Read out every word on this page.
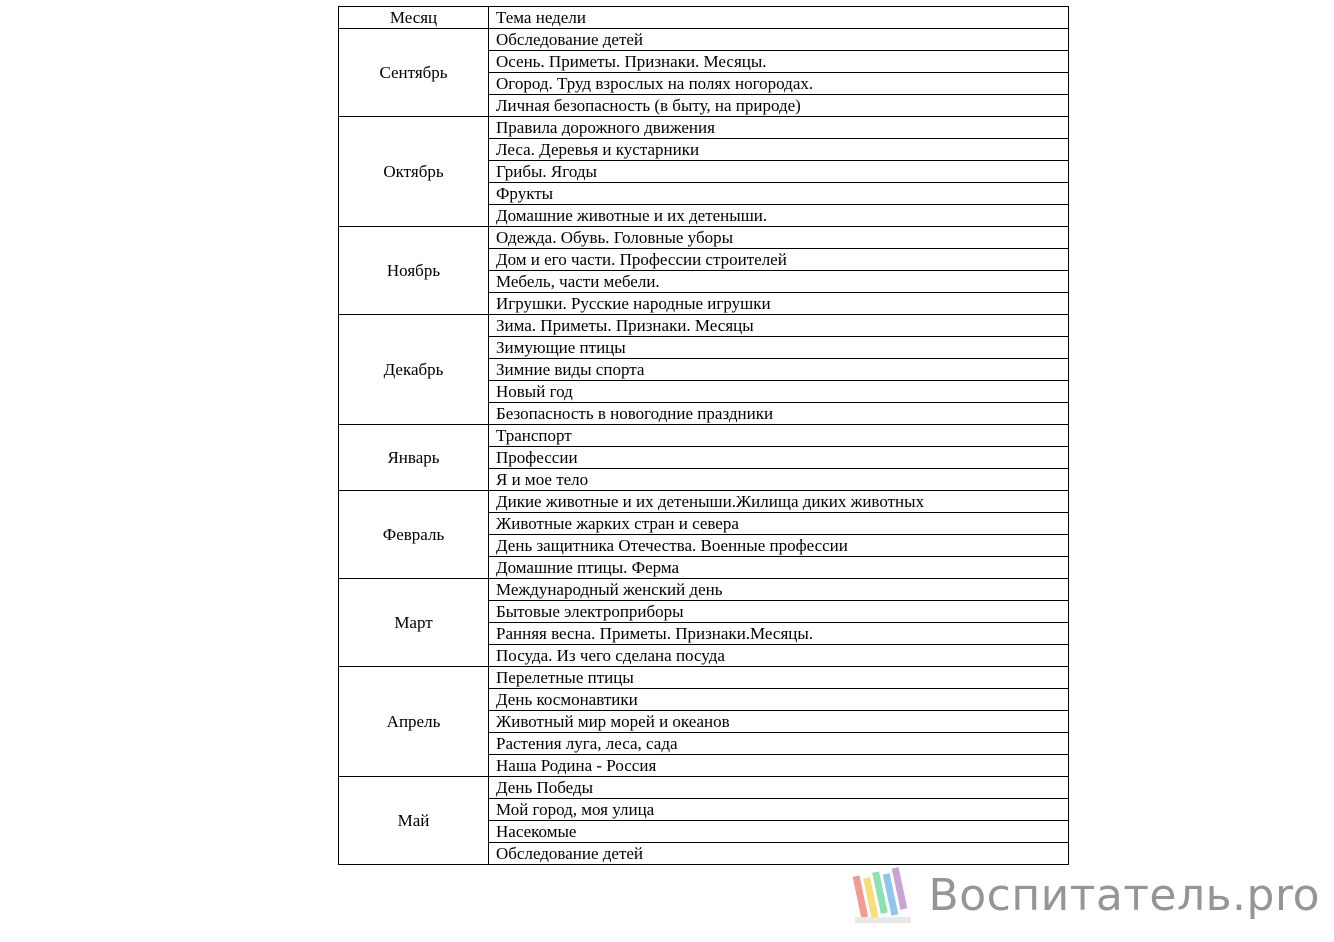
Месяц	Тема недели
Сентябрь	Обследование детей
	Осень. Приметы. Признаки. Месяцы.
	Огород. Труд взрослых на полях ногородах.
	Личная безопасность (в быту, на природе)
Октябрь	Правила дорожного движения
	Леса. Деревья и кустарники
	Грибы. Ягоды
	Фрукты
	Домашние животные и их детеныши.
Ноябрь	Одежда. Обувь. Головные уборы
	Дом и его части. Профессии строителей
	Мебель, части мебели.
	Игрушки. Русские народные игрушки
Декабрь	Зима. Приметы. Признаки. Месяцы
	Зимующие птицы
	Зимние виды спорта
	Новый год
	Безопасность в новогодние праздники
Январь	Транспорт
	Профессии
	Я и мое тело
Февраль	Дикие животные и их детеныши.Жилища диких животных
	Животные жарких стран и севера
	День защитника Отечества. Военные профессии
	Домашние птицы. Ферма
Март	Международный женский день
	Бытовые электроприборы
	Ранняя весна. Приметы. Признаки.Месяцы.
	Посуда. Из чего сделана посуда
Апрель	Перелетные птицы
	День космонавтики
	Животный мир морей и океанов
	Растения луга, леса, сада
	Наша Родина - Россия
Май	День Победы
	Мой город, моя улица
	Насекомые
	Обследование детей
Воспитатель.pro
